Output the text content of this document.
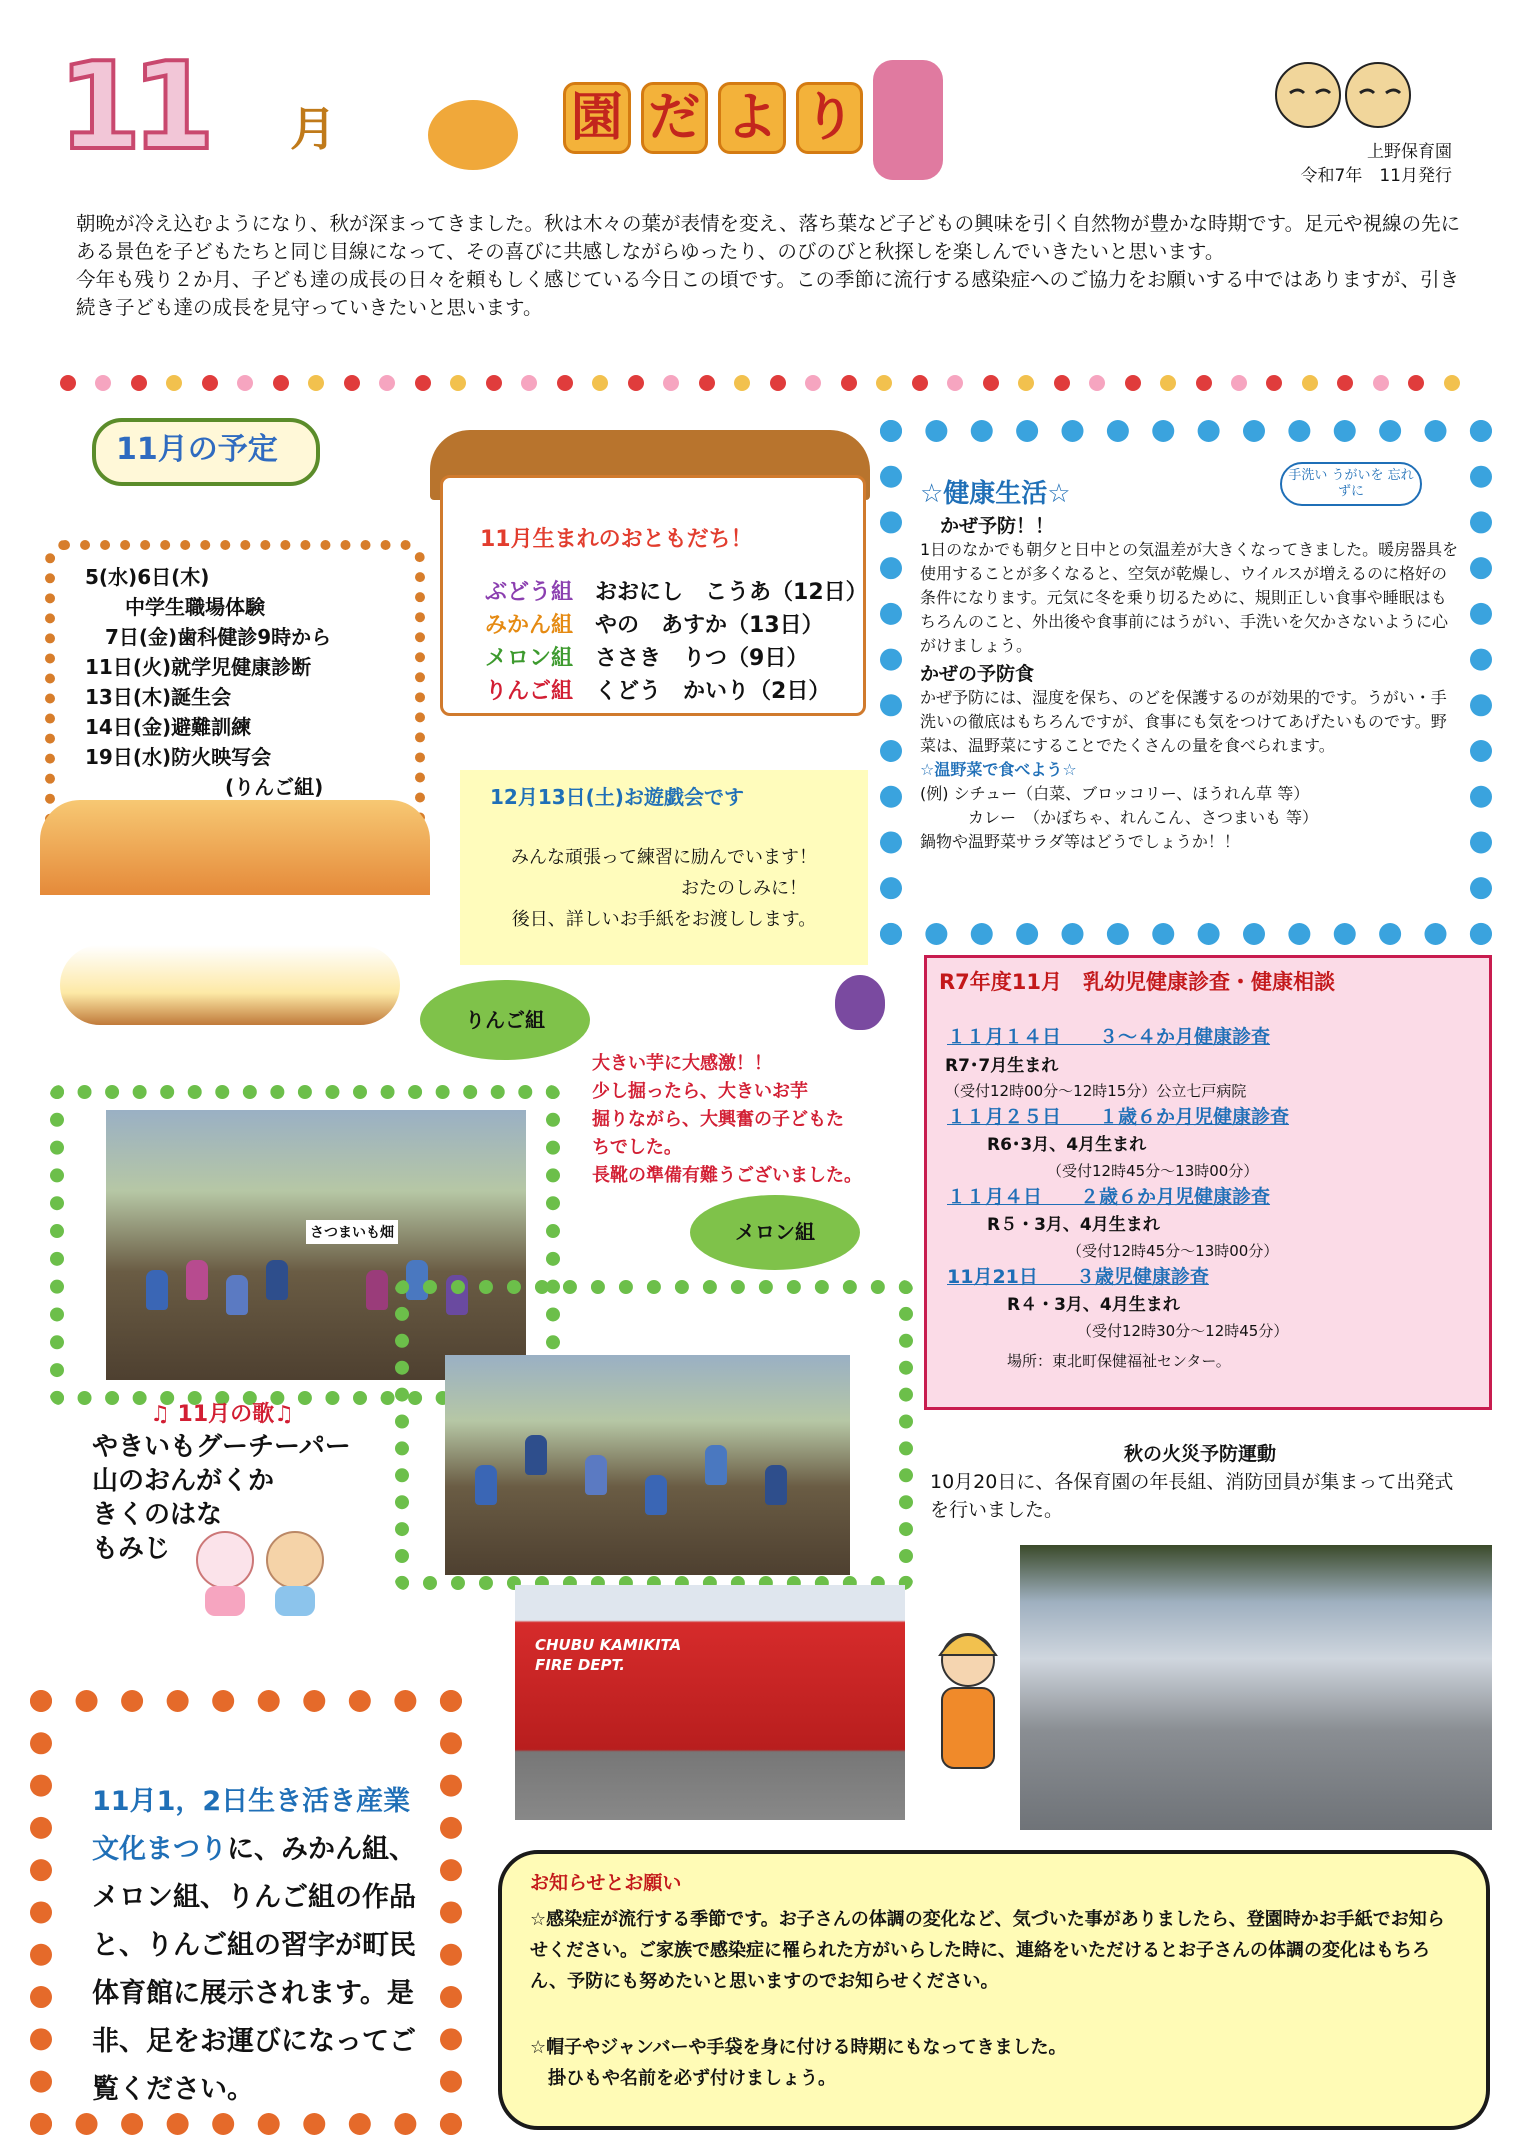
11 月	園 だ よ り
上野保育園
令和7年　11月発行
朝晩が冷え込むようになり、秋が深まってきました。秋は木々の葉が表情を変え、落ち葉など子どもの興味を引く自然物が豊かな時期です。足元や視線の先にある景色を子どもたちと同じ目線になって、その喜びに共感しながらゆったり、のびのびと秋探しを楽しんでいきたいと思います。
今年も残り２か月、子ども達の成長の日々を頼もしく感じている今日この頃です。この季節に流行する感染症へのご協力をお願いする中ではありますが、引き続き子ども達の成長を見守っていきたいと思います。
11月の予定
5(水)6日(木)
中学生職場体験
7日(金)歯科健診9時から
11日(火)就学児健康診断
13日(木)誕生会
14日(金)避難訓練
19日(水)防火映写会
(りんご組)
11月生まれのおともだち！
ぶどう組　 おおにし　こうあ（12日）
みかん組　 やの　あすか（13日）
メロン組　 ささき　りつ（9日）
りんご組　 くどう　かいり（2日）
12月13日(土)お遊戯会です
みんな頑張って練習に励んでいます！
おたのしみに！
後日、詳しいお手紙をお渡しします。
手洗い うがいを 忘れずに
☆健康生活☆
かぜ予防！！
1日のなかでも朝夕と日中との気温差が大きくなってきました。暖房器具を使用することが多くなると、空気が乾燥し、ウイルスが増えるのに格好の条件になります。元気に冬を乗り切るために、規則正しい食事や睡眠はもちろんのこと、外出後や食事前にはうがい、手洗いを欠かさないように心がけましょう。
かぜの予防食
かぜ予防には、湿度を保ち、のどを保護するのが効果的です。うがい・手洗いの徹底はもちろんですが、食事にも気をつけてあげたいものです。野菜は、温野菜にすることでたくさんの量を食べられます。
☆温野菜で食べよう☆
(例) シチュー（白菜、ブロッコリー、ほうれん草 等）
　　　カレー　（かぼちゃ、れんこん、さつまいも 等）
鍋物や温野菜サラダ等はどうでしょうか！！
R7年度11月　乳幼児健康診査・健康相談
１１月１４日　　３～４か月健康診査
R7･7月生まれ
（受付12時00分～12時15分）公立七戸病院
１１月２５日　　１歳６か月児健康診査
R6･3月、4月生まれ
（受付12時45分～13時00分）
１１月４日　　２歳６か月児健康診査
R５・3月、4月生まれ
（受付12時45分～13時00分）
11月21日　　３歳児健康診査
R４・3月、4月生まれ
（受付12時30分～12時45分）
場所：東北町保健福祉センター。
りんご組
さつまいも畑
大きい芋に大感激！！
少し掘ったら、大きいお芋
掘りながら、大興奮の子どもた
ちでした。
長靴の準備有難うございました。
メロン組
♫ 11月の歌♫
やきいもグーチーパー
山のおんがくか
きくのはな
もみじ
秋の火災予防運動
10月20日に、各保育園の年長組、消防団員が集まって出発式を行いました。
CHUBU KAMIKITA FIRE DEPT.
11月1，2日生き活き産業文化まつりに、みかん組、メロン組、りんご組の作品と、りんご組の習字が町民体育館に展示されます。是非、足をお運びになってご覧ください。
お知らせとお願い
☆感染症が流行する季節です。お子さんの体調の変化など、気づいた事がありましたら、登園時かお手紙でお知らせください。ご家族で感染症に罹られた方がいらした時に、連絡をいただけるとお子さんの体調の変化はもちろん、予防にも努めたいと思いますのでお知らせください。
☆帽子やジャンバーや手袋を身に付ける時期にもなってきました。
　掛ひもや名前を必ず付けましょう。
